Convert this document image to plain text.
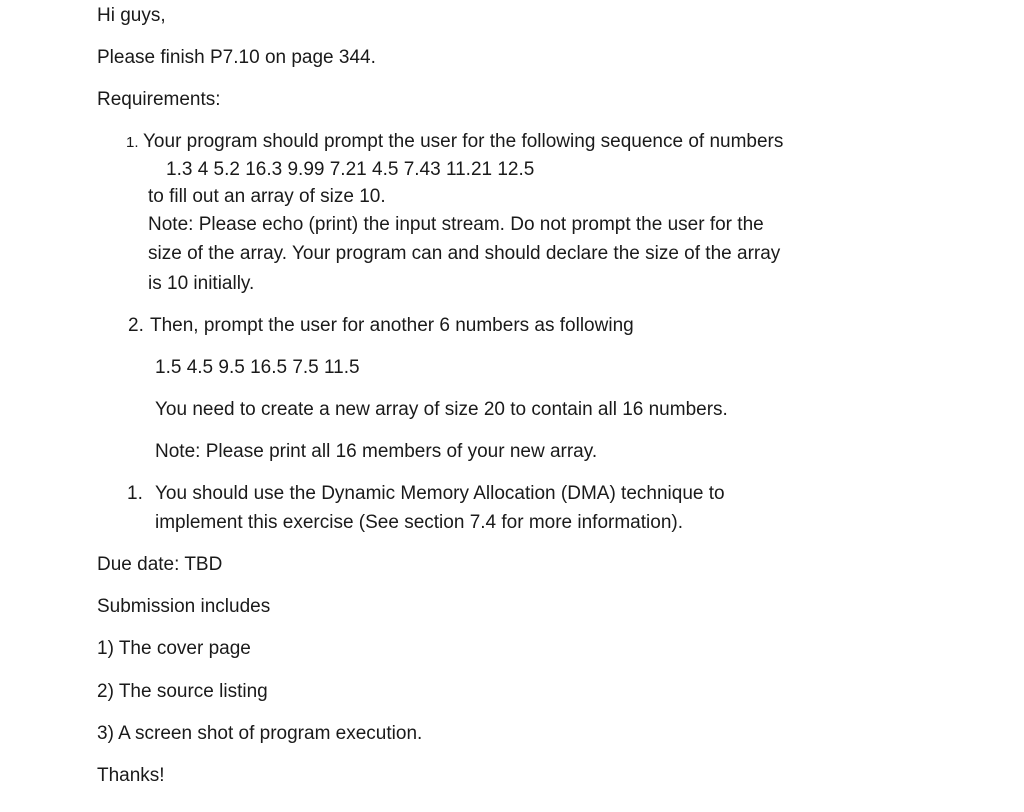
Hi guys,
Please finish P7.10 on page 344.
Requirements:
1. Your program should prompt the user for the following sequence of numbers
1.3 4 5.2 16.3 9.99 7.21 4.5 7.43 11.21 12.5
to fill out an array of size 10.
Note: Please echo (print) the input stream. Do not prompt the user for the
size of the array. Your program can and should declare the size of the array
is 10 initially.
2. Then, prompt the user for another 6 numbers as following
1.5 4.5 9.5 16.5 7.5 11.5
You need to create a new array of size 20 to contain all 16 numbers.
Note: Please print all 16 members of your new array.
1. You should use the Dynamic Memory Allocation (DMA) technique to
implement this exercise (See section 7.4 for more information).
Due date: TBD
Submission includes
1) The cover page
2) The source listing
3) A screen shot of program execution.
Thanks!
